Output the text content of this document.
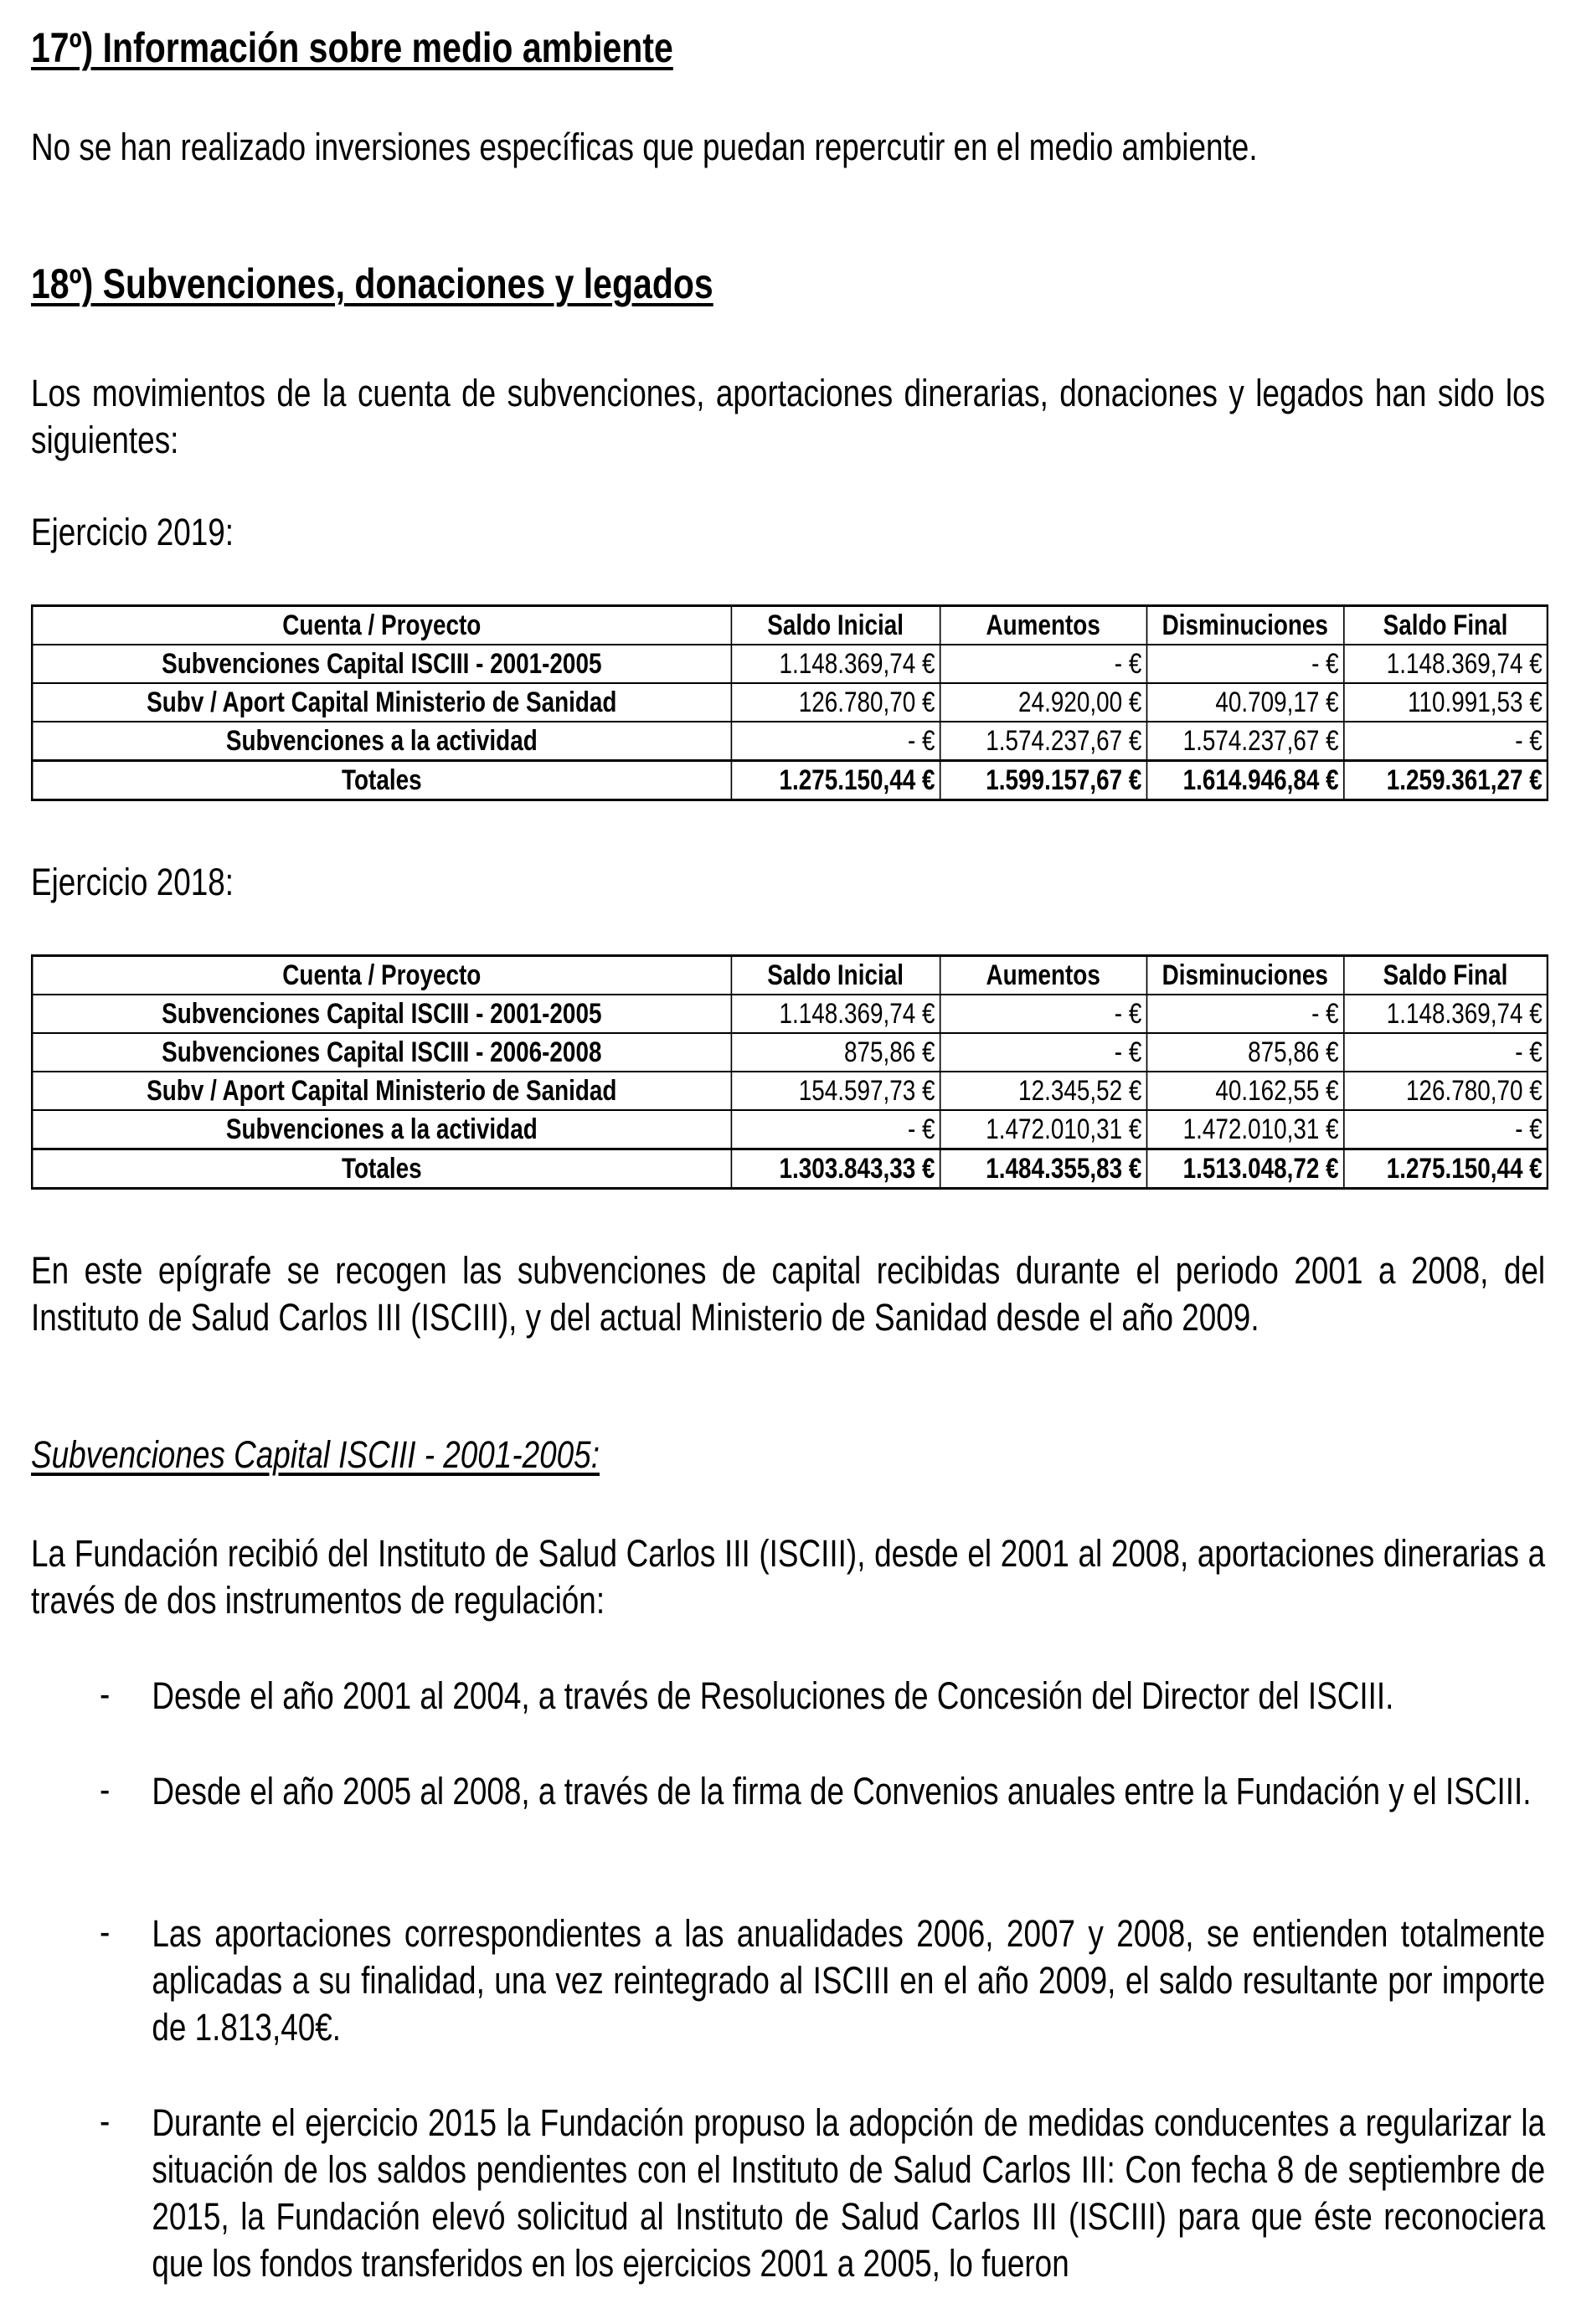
17º) Información sobre medio ambiente
No se han realizado inversiones específicas que puedan repercutir en el medio ambiente.
18º) Subvenciones, donaciones y legados
Los movimientos de la cuenta de subvenciones, aportaciones dinerarias, donaciones y legados han sido los siguientes:
Ejercicio 2019:
Cuenta / Proyecto	Saldo Inicial	Aumentos	Disminuciones	Saldo Final
Subvenciones Capital ISCIII - 2001-2005	1.148.369,74 €	- €	- €	1.148.369,74 €
Subv / Aport Capital Ministerio de Sanidad	126.780,70 €	24.920,00 €	40.709,17 €	110.991,53 €
Subvenciones a la actividad	- €	1.574.237,67 €	1.574.237,67 €	- €
Totales	1.275.150,44 €	1.599.157,67 €	1.614.946,84 €	1.259.361,27 €
Ejercicio 2018:
Cuenta / Proyecto	Saldo Inicial	Aumentos	Disminuciones	Saldo Final
Subvenciones Capital ISCIII - 2001-2005	1.148.369,74 €	- €	- €	1.148.369,74 €
Subvenciones Capital ISCIII - 2006-2008	875,86 €	- €	875,86 €	- €
Subv / Aport Capital Ministerio de Sanidad	154.597,73 €	12.345,52 €	40.162,55 €	126.780,70 €
Subvenciones a la actividad	- €	1.472.010,31 €	1.472.010,31 €	- €
Totales	1.303.843,33 €	1.484.355,83 €	1.513.048,72 €	1.275.150,44 €
En este epígrafe se recogen las subvenciones de capital recibidas durante el periodo 2001 a 2008, del Instituto de Salud Carlos III (ISCIII), y del actual Ministerio de Sanidad desde el año 2009.
Subvenciones Capital ISCIII - 2001-2005:
La Fundación recibió del Instituto de Salud Carlos III (ISCIII), desde el 2001 al 2008, aportaciones dinerarias a través de dos instrumentos de regulación:
- Desde el año 2001 al 2004, a través de Resoluciones de Concesión del Director del ISCIII.
- Desde el año 2005 al 2008, a través de la firma de Convenios anuales entre la Fundación y el ISCIII.
- Las aportaciones correspondientes a las anualidades 2006, 2007 y 2008, se entienden totalmente aplicadas a su finalidad, una vez reintegrado al ISCIII en el año 2009, el saldo resultante por importe de 1.813,40€.
- Durante el ejercicio 2015 la Fundación propuso la adopción de medidas conducentes a regularizar la situación de los saldos pendientes con el Instituto de Salud Carlos III: Con fecha 8 de septiembre de 2015, la Fundación elevó solicitud al Instituto de Salud Carlos III (ISCIII) para que éste reconociera que los fondos transferidos en los ejercicios 2001 a 2005, lo fueron
